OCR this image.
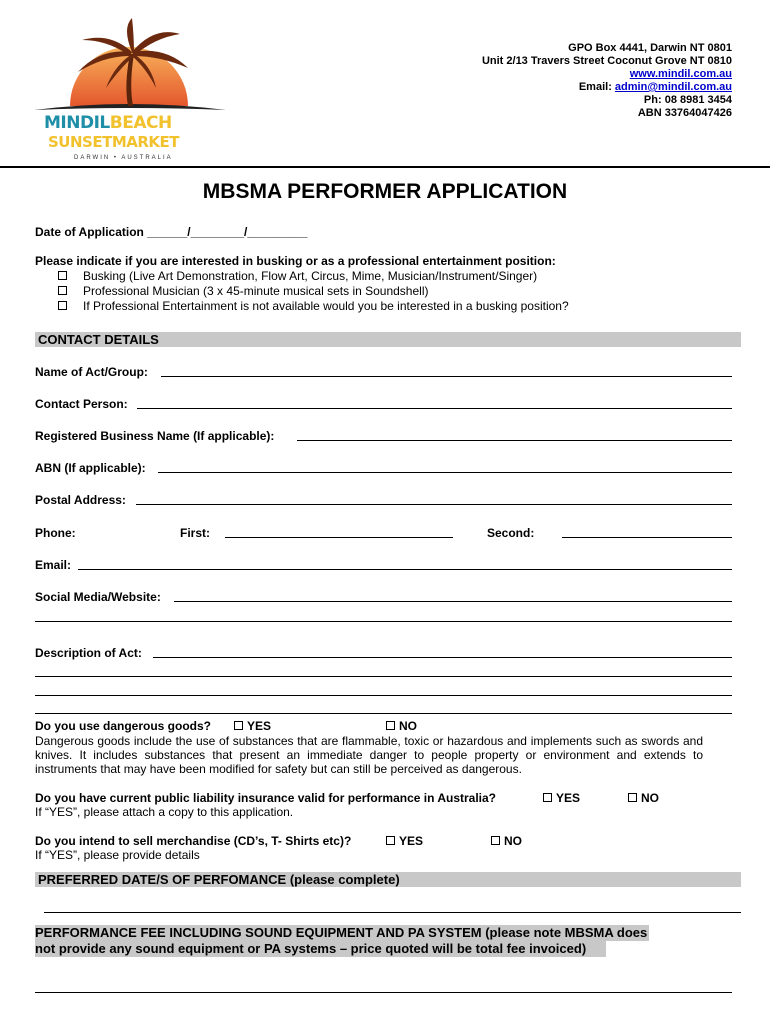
MINDILBEACH
SUNSETMARKET
DARWIN • AUSTRALIA
GPO Box 4441, Darwin NT 0801
Unit 2/13 Travers Street Coconut Grove NT 0810
www.mindil.com.au
Email: admin@mindil.com.au
Ph: 08 8981 3454
ABN 33764047426
MBSMA PERFORMER APPLICATION
Date of Application ______/________/_________
Please indicate if you are interested in busking or as a professional entertainment position:
Busking (Live Art Demonstration, Flow Art, Circus, Mime, Musician/Instrument/Singer)
Professional Musician (3 x 45-minute musical sets in Soundshell)
If Professional Entertainment is not available would you be interested in a busking position?
CONTACT DETAILS
Name of Act/Group:
Contact Person:
Registered Business Name (If applicable):
ABN (If applicable):
Postal Address:
Phone:	First:	Second:
Email:
Social Media/Website:
Description of Act:
Do you use dangerous goods?	YES	NO
Dangerous goods include the use of substances that are flammable, toxic or hazardous and implements such as swords and knives. It includes substances that present an immediate danger to people property or environment and extends to instruments that may have been modified for safety but can still be perceived as dangerous.
Do you have current public liability insurance valid for performance in Australia?	YES	NO
If “YES”, please attach a copy to this application.
Do you intend to sell merchandise (CD’s, T- Shirts etc)?	YES	NO
If “YES”, please provide details
PREFERRED DATE/S OF PERFOMANCE (please complete)
PERFORMANCE FEE INCLUDING SOUND EQUIPMENT AND PA SYSTEM (please note MBSMA does
not provide any sound equipment or PA systems – price quoted will be total fee invoiced)
